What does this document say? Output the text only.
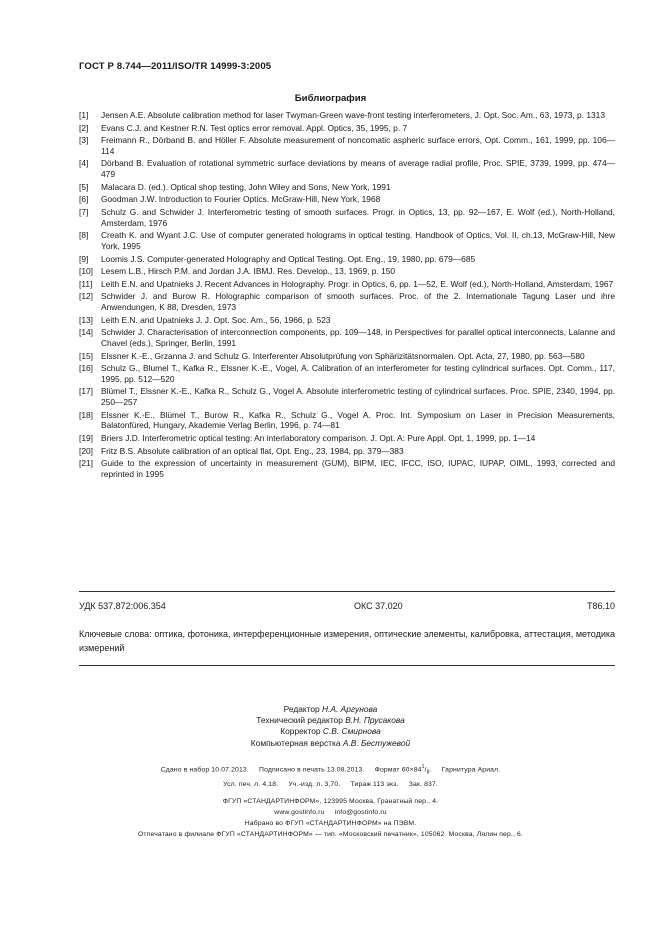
ГОСТ Р 8.744—2011/ISO/TR 14999-3:2005
Библиография
[1]	Jensen A.E. Absolute calibration method for laser Twyman-Green wave-front testing interferometers, J. Opt. Soc. Am., 63, 1973, p. 1313
[2]	Evans C.J. and Kestner R.N. Test optics error removal. Appl. Optics, 35, 1995, p. 7
[3]	Freimann R., Dörband B. and Höller F. Absolute measurement of noncomatic aspheric surface errors, Opt. Comm., 161, 1999, pp. 106—114
[4]	Dörband B. Evaluation of rotational symmetric surface deviations by means of average radial profile, Proc. SPIE, 3739, 1999, pp. 474—479
[5]	Malacara D. (ed.). Optical shop testing, John Wiley and Sons, New York, 1991
[6]	Goodman J.W. Introduction to Fourier Optics. McGraw-Hill, New York, 1968
[7]	Schulz G. and Schwider J. Interferometric testing of smooth surfaces. Progr. in Optics, 13, pp. 92—167, E. Wolf (ed.), North-Holland, Amsterdam, 1976
[8]	Creath K. and Wyant J.C. Use of computer generated holograms in optical testing. Handbook of Optics, Vol. II, ch.13, McGraw-Hill, New York, 1995
[9]	Loomis J.S. Computer-generated Holography and Optical Testing. Opt. Eng., 19, 1980, pp. 679—685
[10] Lesem L.B., Hirsch P.M. and Jordan J.A. IBMJ. Res. Develop., 13, 1969, p. 150
[11]	Leith E.N. and Upatnieks J. Recent Advances in Holography. Progr. in Optics, 6, pp. 1—52, E. Wolf (ed.), North-Holland, Amsterdam, 1967
[12] Schwider J. and Burow R. Holographic comparison of smooth surfaces. Proc. of the 2. Internationale Tagung Laser und ihre Anwendungen, K 88, Dresden, 1973
[13] Leith E.N. and Upatnieks J. J. Opt. Soc. Am., 56, 1966, p. 523
[14] Schwider J. Characterisation of interconnection components, pp. 109—148, in Perspectives for parallel optical interconnects, Lalanne and Chavel (eds.), Springer, Berlin, 1991
[15] Elssner K.-E., Grzanna J. and Schulz G. Interferenter Absolutprüfung von Sphärizitätsnormalen. Opt. Acta, 27, 1980, pp. 563—580
[16] Schulz G., Blumel T., Kafka R., Elssner K.-E., Vogel, A. Calibration of an interferometer for testing cylindrical surfaces. Opt. Comm., 117, 1995, pp. 512—520
[17] Blümel T., Elssner K.-E., Kafka R., Schulz G., Vogel A. Absolute interferometric testing of cylindrical surfaces. Proc. SPIE, 2340, 1994, pp. 250—257
[18] Elssner K.-E., Blümel T., Burow R., Kafka R., Schulz G., Vogel A. Proc. Int. Symposium on Laser in Precision Measurements, Balatonfüred, Hungary, Akademie Verlag Berlin, 1996, p. 74—81
[19] Briers J.D. Interferometric optical testing: An interlaboratory comparison. J. Opt. A: Pure Appl. Opt, 1, 1999, pp. 1—14
[20] Fritz B.S. Absolute calibration of an optical flat, Opt. Eng., 23, 1984, pp. 379—383
[21] Guide to the expression of uncertainty in measurement (GUM), BIPM, IEC, IFCC, ISO, IUPAC, IUPAP, OIML, 1993, corrected and reprinted in 1995
УДК 537.872:006.354	ОКС 37.020	Т86.10
Ключевые слова: оптика, фотоника, интерференционные измерения, оптические элементы, калибровка, аттестация, методика измерений
Редактор Н.А. Аргунова
Технический редактор В.Н. Прусакова
Корректор С.В. Смирнова
Компьютерная верстка А.В. Бестужевой
Сдано в набор 10.07.2013.     Подписано в печать 13.08.2013.     Формат $60\times 84^1/_8$.     Гарнитура Ариал.
Усл. печ. л. 4,18.     Уч.-изд. л. 3,70.     Тираж 113 экз.     Зак. 837.
ФГУП «СТАНДАРТИНФОРМ», 123995 Москва, Гранатный пер., 4.
www.gostinfo.ru     info@gostinfo.ru
Набрано во ФГУП «СТАНДАРТИНФОРМ» на ПЭВМ.
Отпечатано в филиале ФГУП «СТАНДАРТИНФОРМ» — тип. «Московский печатник», 105062  Москва, Лялин пер., 6.
